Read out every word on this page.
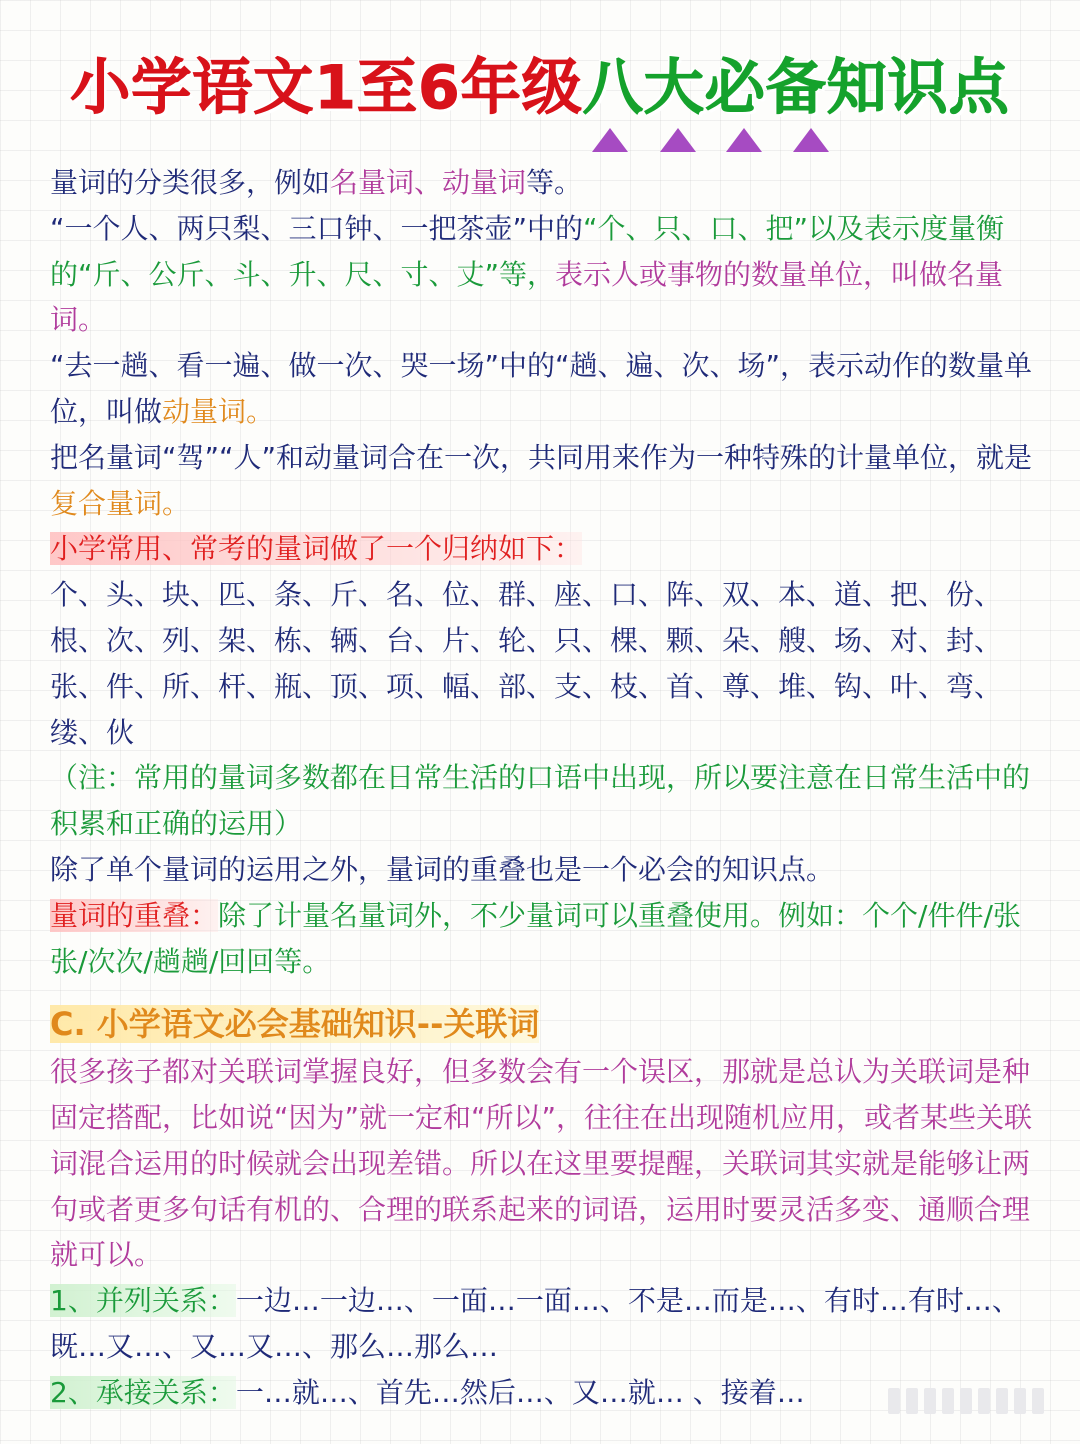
小学语文1至6年级八大必备知识点

量词的分类很多，例如名量词、动量词等。

“一个人、两只梨、三口钟、一把茶壶”中的“个、只、口、把”以及表示度量衡的“斤、公斤、斗、升、尺、寸、丈”等，表示人或事物的数量单位，叫做名量词。

“去一趟、看一遍、做一次、哭一场”中的“趟、遍、次、场”，表示动作的数量单位，叫做动量词。

把名量词“驾”“人”和动量词合在一次，共同用来作为一种特殊的计量单位，就是复合量词。

小学常用、常考的量词做了一个归纳如下：

个、头、块、匹、条、斤、名、位、群、座、口、阵、双、本、道、把、份、根、次、列、架、栋、辆、台、片、轮、只、棵、颗、朵、艘、场、对、封、张、件、所、杆、瓶、顶、项、幅、部、支、枝、首、尊、堆、钩、叶、弯、缕、伙

（注：常用的量词多数都在日常生活的口语中出现，所以要注意在日常生活中的积累和正确的运用）

除了单个量词的运用之外，量词的重叠也是一个必会的知识点。

量词的重叠：除了计量名量词外，不少量词可以重叠使用。例如：个个/件件/张张/次次/趟趟/回回等。

C. 小学语文必会基础知识--关联词

很多孩子都对关联词掌握良好，但多数会有一个误区，那就是总认为关联词是种固定搭配，比如说“因为”就一定和“所以”，往往在出现随机应用，或者某些关联词混合运用的时候就会出现差错。所以在这里要提醒，关联词其实就是能够让两句或者更多句话有机的、合理的联系起来的词语，运用时要灵活多变、通顺合理就可以。

1、并列关系：一边…一边…、一面…一面…、不是…而是…、有时…有时…、既…又…、又…又…、那么…那么…

2、承接关系：一…就…、首先…然后…、又…就… 、接着…
